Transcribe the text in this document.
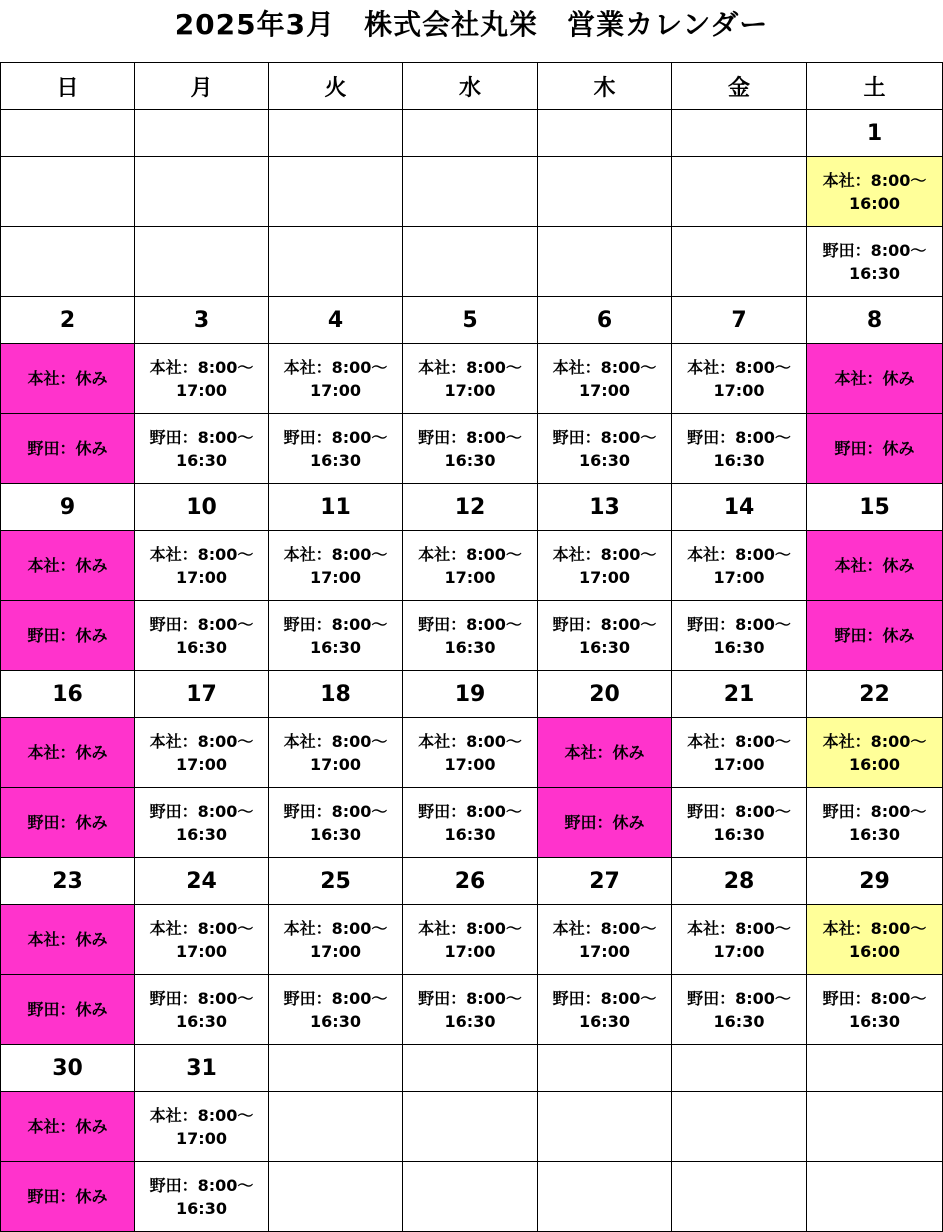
2025年3月　株式会社丸栄　営業カレンダー
日	月	火	水	木	金	土
						1
						本社：8:00～
16:00
						野田：8:00～
16:30
2	3	4	5	6	7	8
本社：休み	本社：8:00～
17:00	本社：8:00～
17:00	本社：8:00～
17:00	本社：8:00～
17:00	本社：8:00～
17:00	本社：休み
野田：休み	野田：8:00～
16:30	野田：8:00～
16:30	野田：8:00～
16:30	野田：8:00～
16:30	野田：8:00～
16:30	野田：休み
9	10	11	12	13	14	15
本社：休み	本社：8:00～
17:00	本社：8:00～
17:00	本社：8:00～
17:00	本社：8:00～
17:00	本社：8:00～
17:00	本社：休み
野田：休み	野田：8:00～
16:30	野田：8:00～
16:30	野田：8:00～
16:30	野田：8:00～
16:30	野田：8:00～
16:30	野田：休み
16	17	18	19	20	21	22
本社：休み	本社：8:00～
17:00	本社：8:00～
17:00	本社：8:00～
17:00	本社：休み	本社：8:00～
17:00	本社：8:00～
16:00
野田：休み	野田：8:00～
16:30	野田：8:00～
16:30	野田：8:00～
16:30	野田：休み	野田：8:00～
16:30	野田：8:00～
16:30
23	24	25	26	27	28	29
本社：休み	本社：8:00～
17:00	本社：8:00～
17:00	本社：8:00～
17:00	本社：8:00～
17:00	本社：8:00～
17:00	本社：8:00～
16:00
野田：休み	野田：8:00～
16:30	野田：8:00～
16:30	野田：8:00～
16:30	野田：8:00～
16:30	野田：8:00～
16:30	野田：8:00～
16:30
30	31					
本社：休み	本社：8:00～
17:00					
野田：休み	野田：8:00～
16:30					
